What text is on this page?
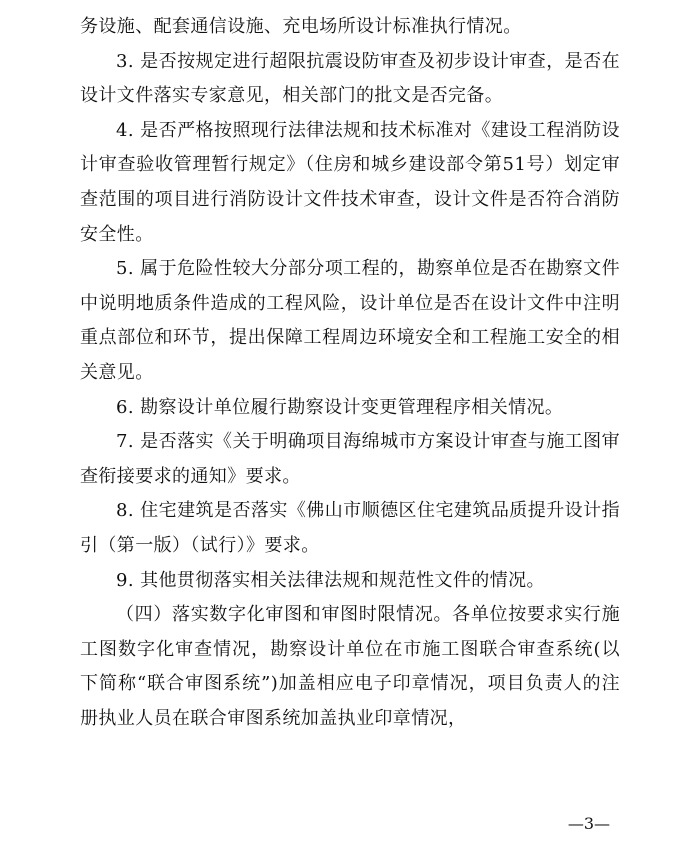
务设施、配套通信设施、充电场所设计标准执行情况。

3. 是否按规定进行超限抗震设防审查及初步设计审查，是否在设计文件落实专家意见，相关部门的批文是否完备。

4. 是否严格按照现行法律法规和技术标准对《建设工程消防设计审查验收管理暂行规定》（住房和城乡建设部令第51号）划定审查范围的项目进行消防设计文件技术审查，设计文件是否符合消防安全性。

5. 属于危险性较大分部分项工程的，勘察单位是否在勘察文件中说明地质条件造成的工程风险，设计单位是否在设计文件中注明重点部位和环节，提出保障工程周边环境安全和工程施工安全的相关意见。

6. 勘察设计单位履行勘察设计变更管理程序相关情况。

7. 是否落实《关于明确项目海绵城市方案设计审查与施工图审查衔接要求的通知》要求。

8. 住宅建筑是否落实《佛山市顺德区住宅建筑品质提升设计指引（第一版）（试行）》要求。

9. 其他贯彻落实相关法律法规和规范性文件的情况。

（四）落实数字化审图和审图时限情况。各单位按要求实行施工图数字化审查情况，勘察设计单位在市施工图联合审查系统(以下简称“联合审图系统”)加盖相应电子印章情况，项目负责人的注册执业人员在联合审图系统加盖执业印章情况，

—3—
